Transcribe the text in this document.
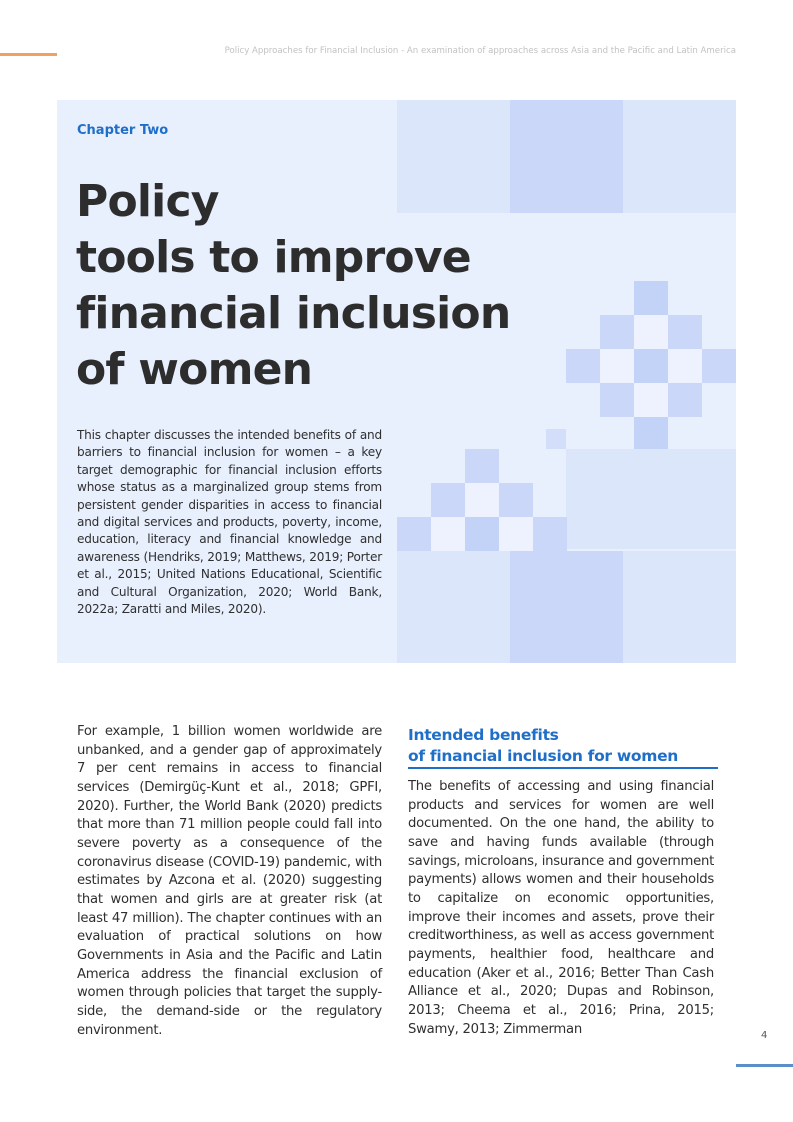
Policy Approaches for Financial Inclusion - An examination of approaches across Asia and the Pacific and Latin America
Chapter Two
Policy
tools to improve
financial inclusion
of women

This chapter discusses the intended benefits of and barriers to financial inclusion for women – a key target demographic for financial inclusion efforts whose status as a marginalized group stems from persistent gender disparities in access to financial and digital services and products, poverty, income, education, literacy and financial knowledge and awareness (Hendriks, 2019; Matthews, 2019; Porter et al., 2015; United Nations Educational, Scientific and Cultural Organization, 2020; World Bank, 2022a; Zaratti and Miles, 2020).

For example, 1 billion women worldwide are unbanked, and a gender gap of approximately 7 per cent remains in access to financial services (Demirgüç-Kunt et al., 2018; GPFI, 2020). Further, the World Bank (2020) predicts that more than 71 million people could fall into severe poverty as a consequence of the coronavirus disease (COVID-19) pandemic, with estimates by Azcona et al. (2020) suggesting that women and girls are at greater risk (at least 47 million). The chapter continues with an evaluation of practical solutions on how Governments in Asia and the Pacific and Latin America address the financial exclusion of women through policies that target the supply-side, the demand-side or the regulatory environment.

Intended benefits
of financial inclusion for women

The benefits of accessing and using financial products and services for women are well documented. On the one hand, the ability to save and having funds available (through savings, microloans, insurance and government payments) allows women and their households to capitalize on economic opportunities, improve their incomes and assets, prove their creditworthiness, as well as access government payments, healthier food, healthcare and education (Aker et al., 2016; Better Than Cash Alliance et al., 2020; Dupas and Robinson, 2013; Cheema et al., 2016; Prina, 2015; Swamy, 2013; Zimmerman	4
